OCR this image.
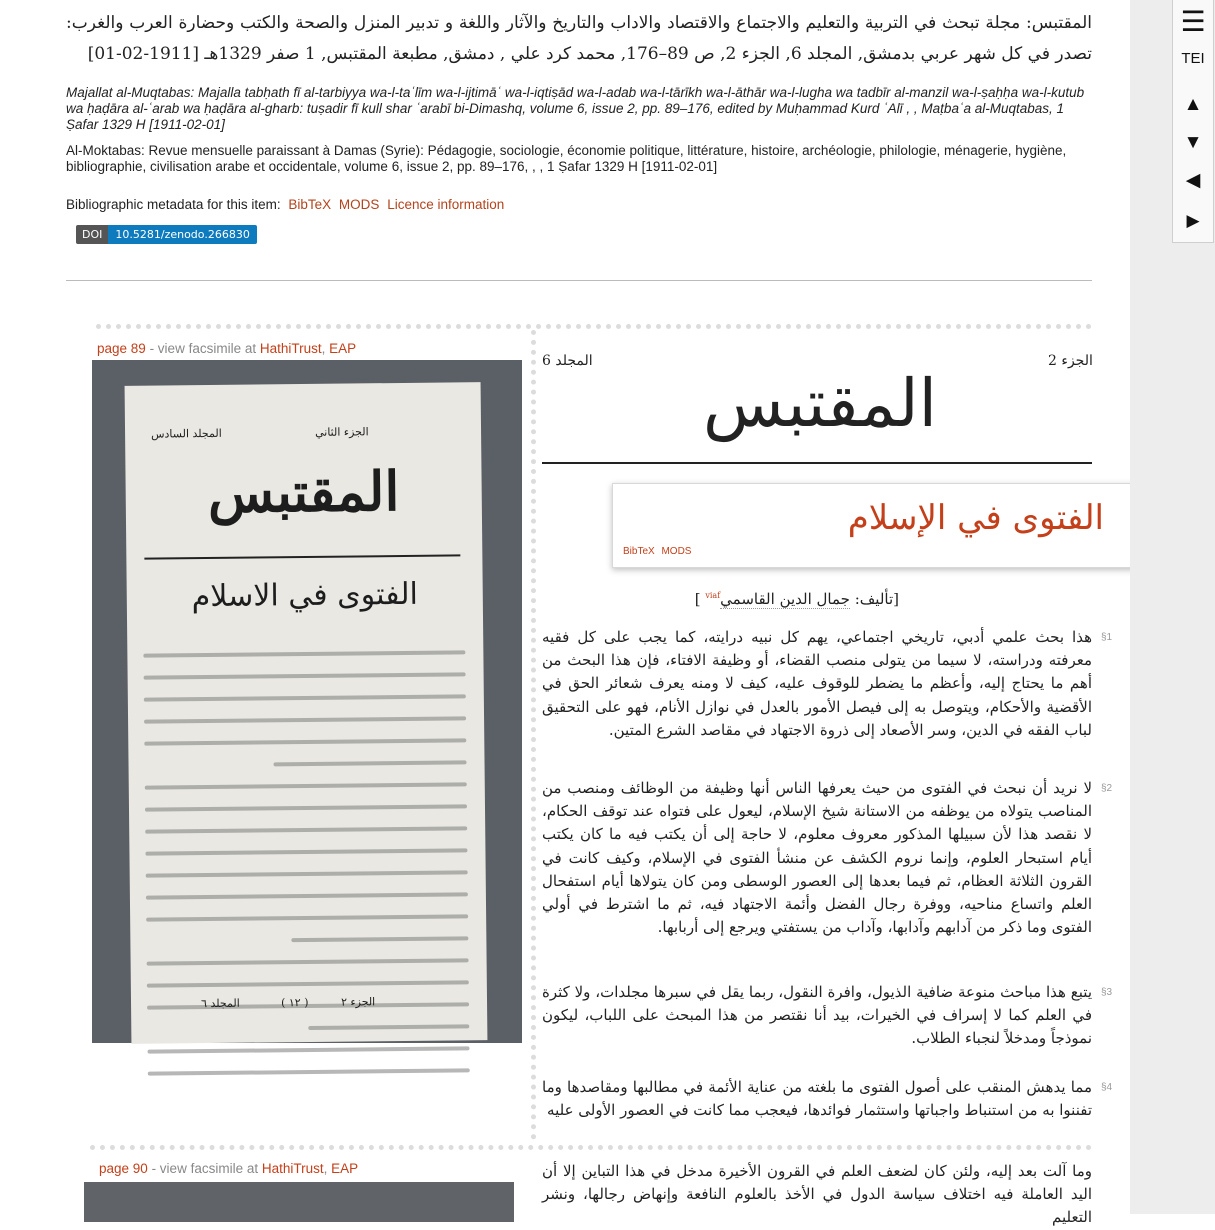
المقتبس: مجلة تبحث في التربية والتعليم والاجتماع والاقتصاد والاداب والتاريخ والآثار واللغة و تدبير المنزل والصحة والكتب وحضارة العرب والغرب: تصدر في كل شهر عربي بدمشق, المجلد 6, الجزء 2, ص 89–176, محمد كرد علي , دمشق, مطبعة المقتبس, 1 صفر 1329هـ [1911-02-01]
Majallat al-Muqtabas: Majalla tabḥath fī al-tarbiyya wa-l-taʿlīm wa-l-ijtimāʿ wa-l-iqtiṣād wa-l-adab wa-l-tārīkh wa-l-āthār wa-l-lugha wa tadbīr al-manzil wa-l-ṣaḥḥa wa-l-kutub wa ḥaḍāra al-ʿarab wa ḥaḍāra al-gharb: tuṣadir fī kull shar ʿarabī bi-Dimashq, volume 6, issue 2, pp. 89–176, edited by Muḥammad Kurd ʿAlī , , Maṭbaʿa al-Muqtabas, 1 Ṣafar 1329 H [1911-02-01]
Al-Moktabas: Revue mensuelle paraissant à Damas (Syrie): Pédagogie, sociologie, économie politique, littérature, histoire, archéologie, philologie, ménagerie, hygiène, bibliographie, civilisation arabe et occidentale, volume 6, issue 2, pp. 89–176, , , 1 Ṣafar 1329 H [1911-02-01]
Bibliographic metadata for this item: BibTeX MODS Licence information
DOI	10.5281/zenodo.266830
page 89 - view facsimile at HathiTrust, EAP
الجزء الثاني
المجلد السادس
المقتبس
الفتوى في الاسلام
الجزء ٢
( ١٢ )
المجلد ٦
الجزء 2
المجلد 6
المقتبس
الفتوى في الإسلام
BibTeX MODS
[تأليف: جمال الدين القاسمي$^{viaf}$ ]
§1
هذا بحث علمي أدبي، تاريخي اجتماعي، يهم كل نبيه درايته، كما يجب على كل فقيه معرفته ودراسته، لا سيما من يتولى منصب القضاء، أو وظيفة الافتاء، فإن هذا البحث من أهم ما يحتاج إليه، وأعظم ما يضطر للوقوف عليه، كيف لا ومنه يعرف شعائر الحق في الأقضية والأحكام، ويتوصل به إلى فيصل الأمور بالعدل في نوازل الأنام، فهو على التحقيق لباب الفقه في الدين، وسر الأصعاد إلى ذروة الاجتهاد في مقاصد الشرع المتين.
§2
لا نريد أن نبحث في الفتوى من حيث يعرفها الناس أنها وظيفة من الوظائف ومنصب من المناصب يتولاه من يوظفه من الاستانة شيخ الإسلام، ليعول على فتواه عند توقف الحكام، لا نقصد هذا لأن سبيلها المذكور معروف معلوم، لا حاجة إلى أن يكتب فيه ما كان يكتب أيام استبحار العلوم، وإنما نروم الكشف عن منشأ الفتوى في الإسلام، وكيف كانت في القرون الثلاثة العظام، ثم فيما بعدها إلى العصور الوسطى ومن كان يتولاها أيام استفحال العلم واتساع مناحيه، ووفرة رجال الفضل وأئمة الاجتهاد فيه، ثم ما اشترط في أولي الفتوى وما ذكر من آدابهم وآدابها، وآداب من يستفتي ويرجع إلى أربابها.
§3
يتبع هذا مباحث منوعة ضافية الذيول، وافرة النقول، ربما يقل في سبرها مجلدات، ولا كثرة في العلم كما لا إسراف في الخيرات، بيد أنا نقتصر من هذا المبحث على اللباب، ليكون نموذجاً ومدخلاً لنجباء الطلاب.
§4
مما يدهش المنقب على أصول الفتوى ما بلغته من عناية الأئمة في مطالبها ومقاصدها وما تفننوا به من استنباط واجباتها واستثمار فوائدها، فيعجب مما كانت في العصور الأولى عليه
page 90 - view facsimile at HathiTrust, EAP	وما آلت بعد إليه، ولئن كان لضعف العلم في القرون الأخيرة مدخل في هذا التباين إلا أن اليد العاملة فيه اختلاف سياسة الدول في الأخذ بالعلوم النافعة وإنهاض رجالها، ونشر التعليم
☰
TEI
▲
▼
◀
▶
